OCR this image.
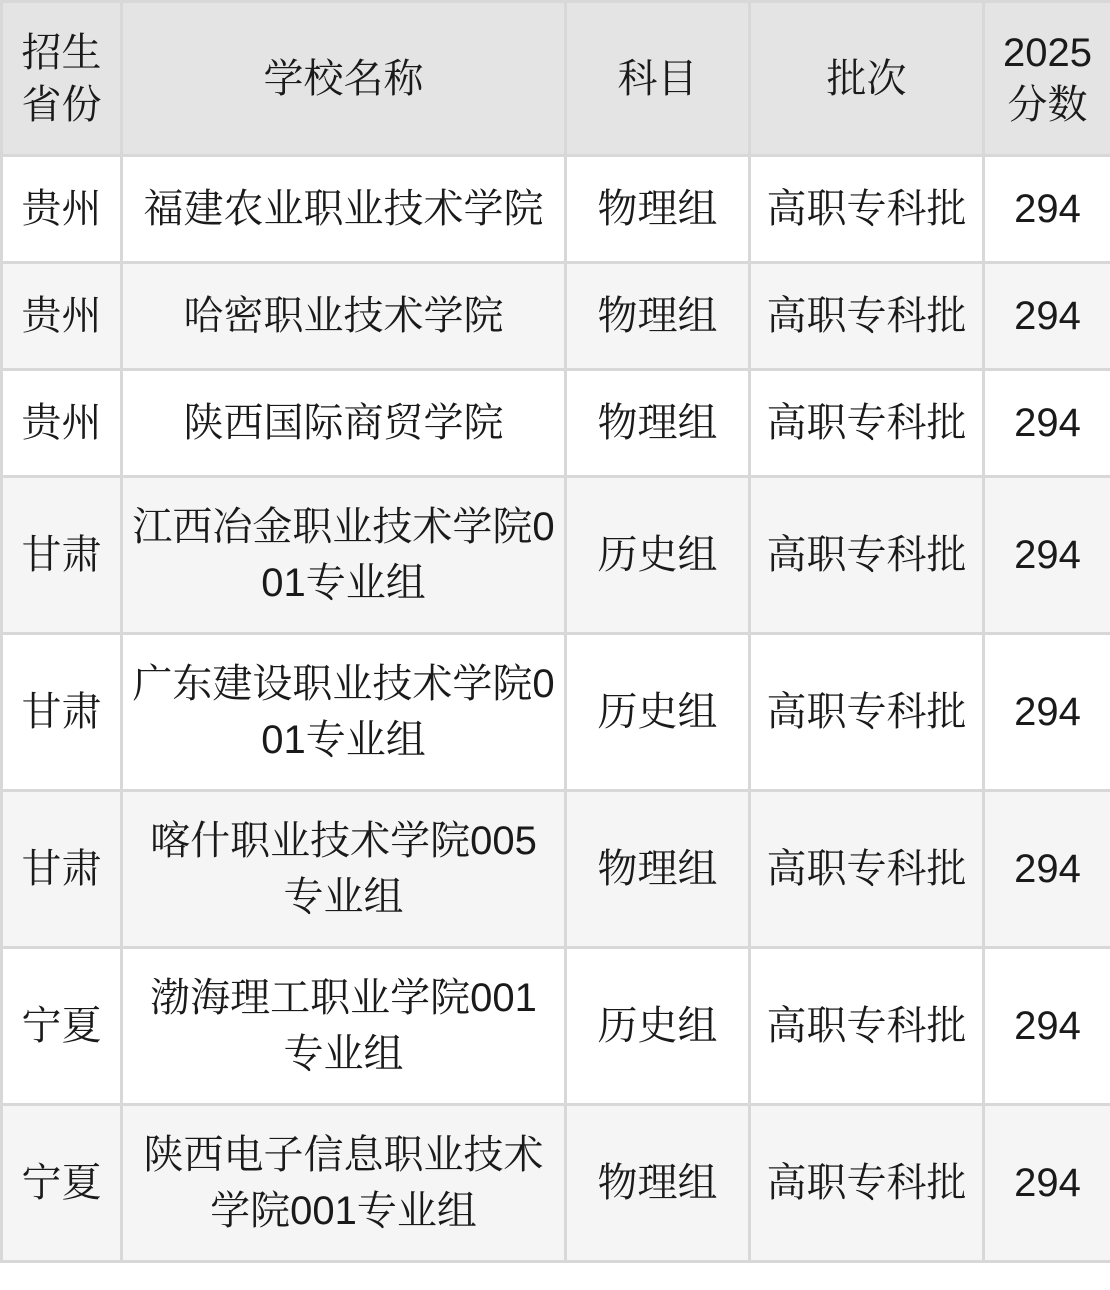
招生省份	学校名称	科目	批次	2025分数
贵州	福建农业职业技术学院	物理组	高职专科批	294
贵州	哈密职业技术学院	物理组	高职专科批	294
贵州	陕西国际商贸学院	物理组	高职专科批	294
甘肃	江西冶金职业技术学院001专业组	历史组	高职专科批	294
甘肃	广东建设职业技术学院001专业组	历史组	高职专科批	294
甘肃	喀什职业技术学院005专业组	物理组	高职专科批	294
宁夏	渤海理工职业学院001专业组	历史组	高职专科批	294
宁夏	陕西电子信息职业技术学院001专业组	物理组	高职专科批	294
